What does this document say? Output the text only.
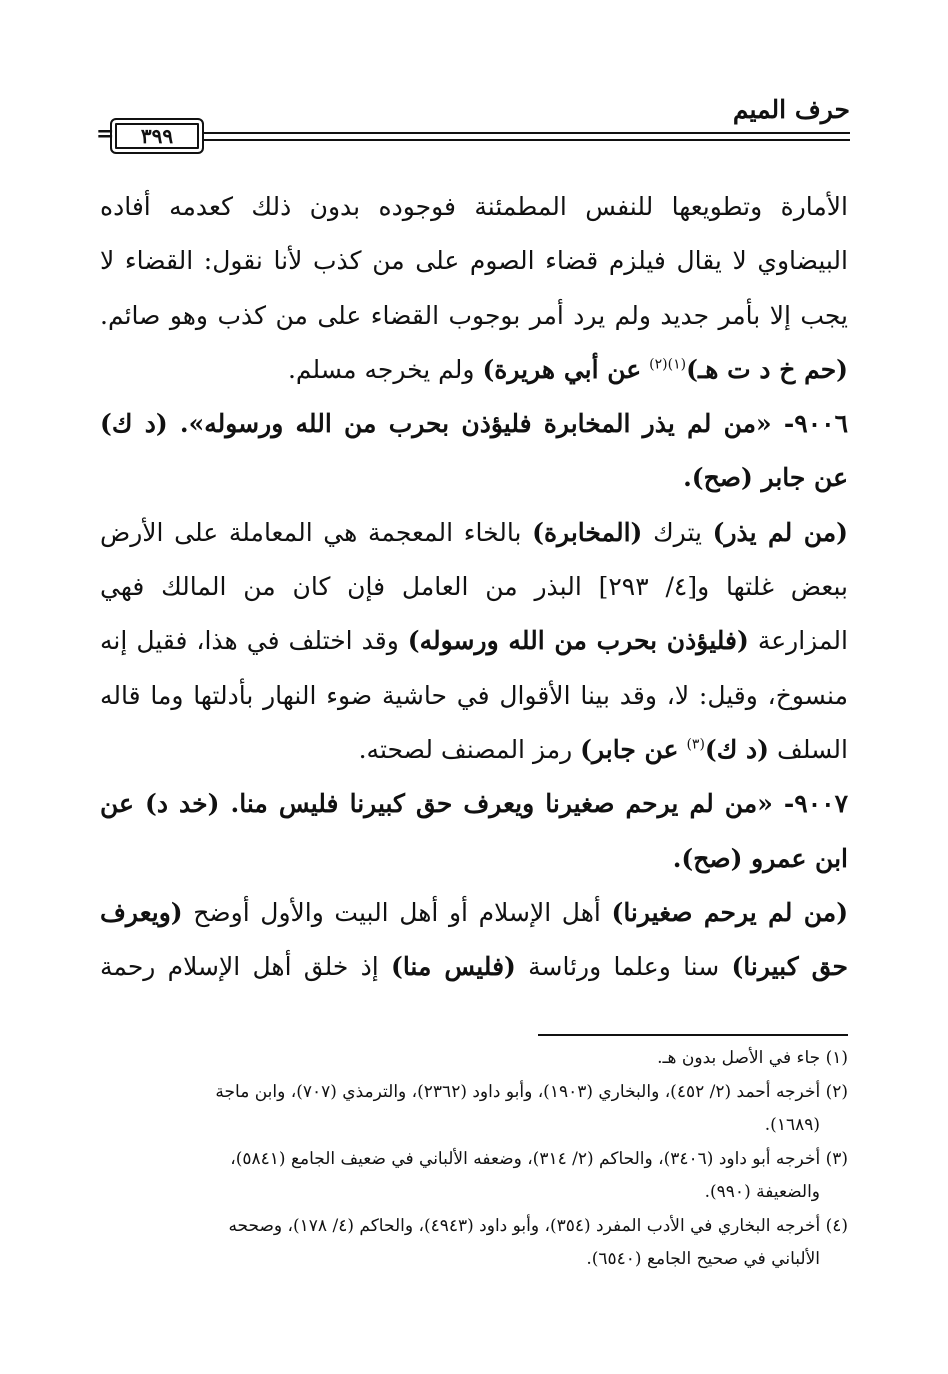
حرف الميم
٣٩٩
=

الأمارة وتطويعها للنفس المطمئنة فوجوده بدون ذلك كعدمه أفاده البيضاوي لا يقال فيلزم قضاء الصوم على من كذب لأنا نقول: القضاء لا يجب إلا بأمر جديد ولم يرد أمر بوجوب القضاء على من كذب وهو صائم. (حم خ د ت هـ)$^{(١)(٢)}$ عن أبي هريرة) ولم يخرجه مسلم.

٩٠٠٦- «من لم يذر المخابرة فليؤذن بحرب من الله ورسوله». (د ك) عن جابر (صح).

(من لم يذر) يترك (المخابرة) بالخاء المعجمة هي المعاملة على الأرض ببعض غلتها و[٤/ ٢٩٣] البذر من العامل فإن كان من المالك فهي المزارعة (فليؤذن بحرب من الله ورسوله) وقد اختلف في هذا، فقيل إنه منسوخ، وقيل: لا، وقد بينا الأقوال في حاشية ضوء النهار بأدلتها وما قاله السلف (د ك)$^{(٣)}$ عن جابر) رمز المصنف لصحته.

٩٠٠٧- «من لم يرحم صغيرنا ويعرف حق كبيرنا فليس منا. (خد د) عن ابن عمرو (صح).

(من لم يرحم صغيرنا) أهل الإسلام أو أهل البيت والأول أوضح (ويعرف حق كبيرنا) سنا وعلما ورئاسة (فليس منا) إذ خلق أهل الإسلام رحمة

(١) جاء في الأصل بدون هـ.

(٢) أخرجه أحمد (٢/ ٤٥٢)، والبخاري (١٩٠٣)، وأبو داود (٢٣٦٢)، والترمذي (٧٠٧)، وابن ماجة

(١٦٨٩).

(٣) أخرجه أبو داود (٣٤٠٦)، والحاكم (٢/ ٣١٤)، وضعفه الألباني في ضعيف الجامع (٥٨٤١)،

والضعيفة (٩٩٠).

(٤) أخرجه البخاري في الأدب المفرد (٣٥٤)، وأبو داود (٤٩٤٣)، والحاكم (٤/ ١٧٨)، وصححه

الألباني في صحيح الجامع (٦٥٤٠).
